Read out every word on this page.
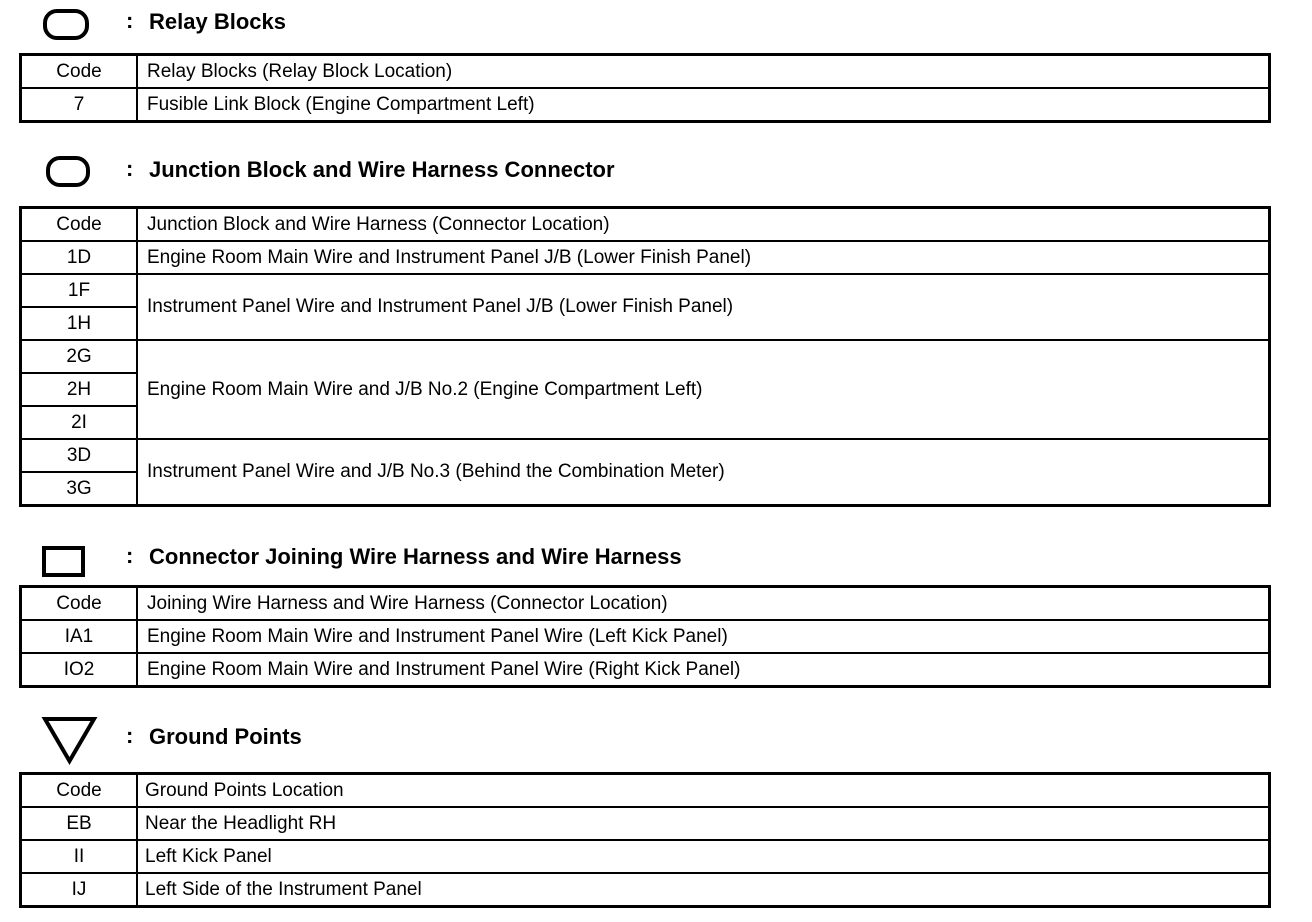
: Relay Blocks
Code	Relay Blocks (Relay Block Location)
7	Fusible Link Block (Engine Compartment Left)
: Junction Block and Wire Harness Connector
Code	Junction Block and Wire Harness (Connector Location)
1D	Engine Room Main Wire and Instrument Panel J/B (Lower Finish Panel)
1F	Instrument Panel Wire and Instrument Panel J/B (Lower Finish Panel)
1H	
2G	Engine Room Main Wire and J/B No.2 (Engine Compartment Left)
2H	
2I	
3D	Instrument Panel Wire and J/B No.3 (Behind the Combination Meter)
3G	
: Connector Joining Wire Harness and Wire Harness
Code	Joining Wire Harness and Wire Harness (Connector Location)
IA1	Engine Room Main Wire and Instrument Panel Wire (Left Kick Panel)
IO2	Engine Room Main Wire and Instrument Panel Wire (Right Kick Panel)
: Ground Points
Code	Ground Points Location
EB	Near the Headlight RH
II	Left Kick Panel
IJ	Left Side of the Instrument Panel
